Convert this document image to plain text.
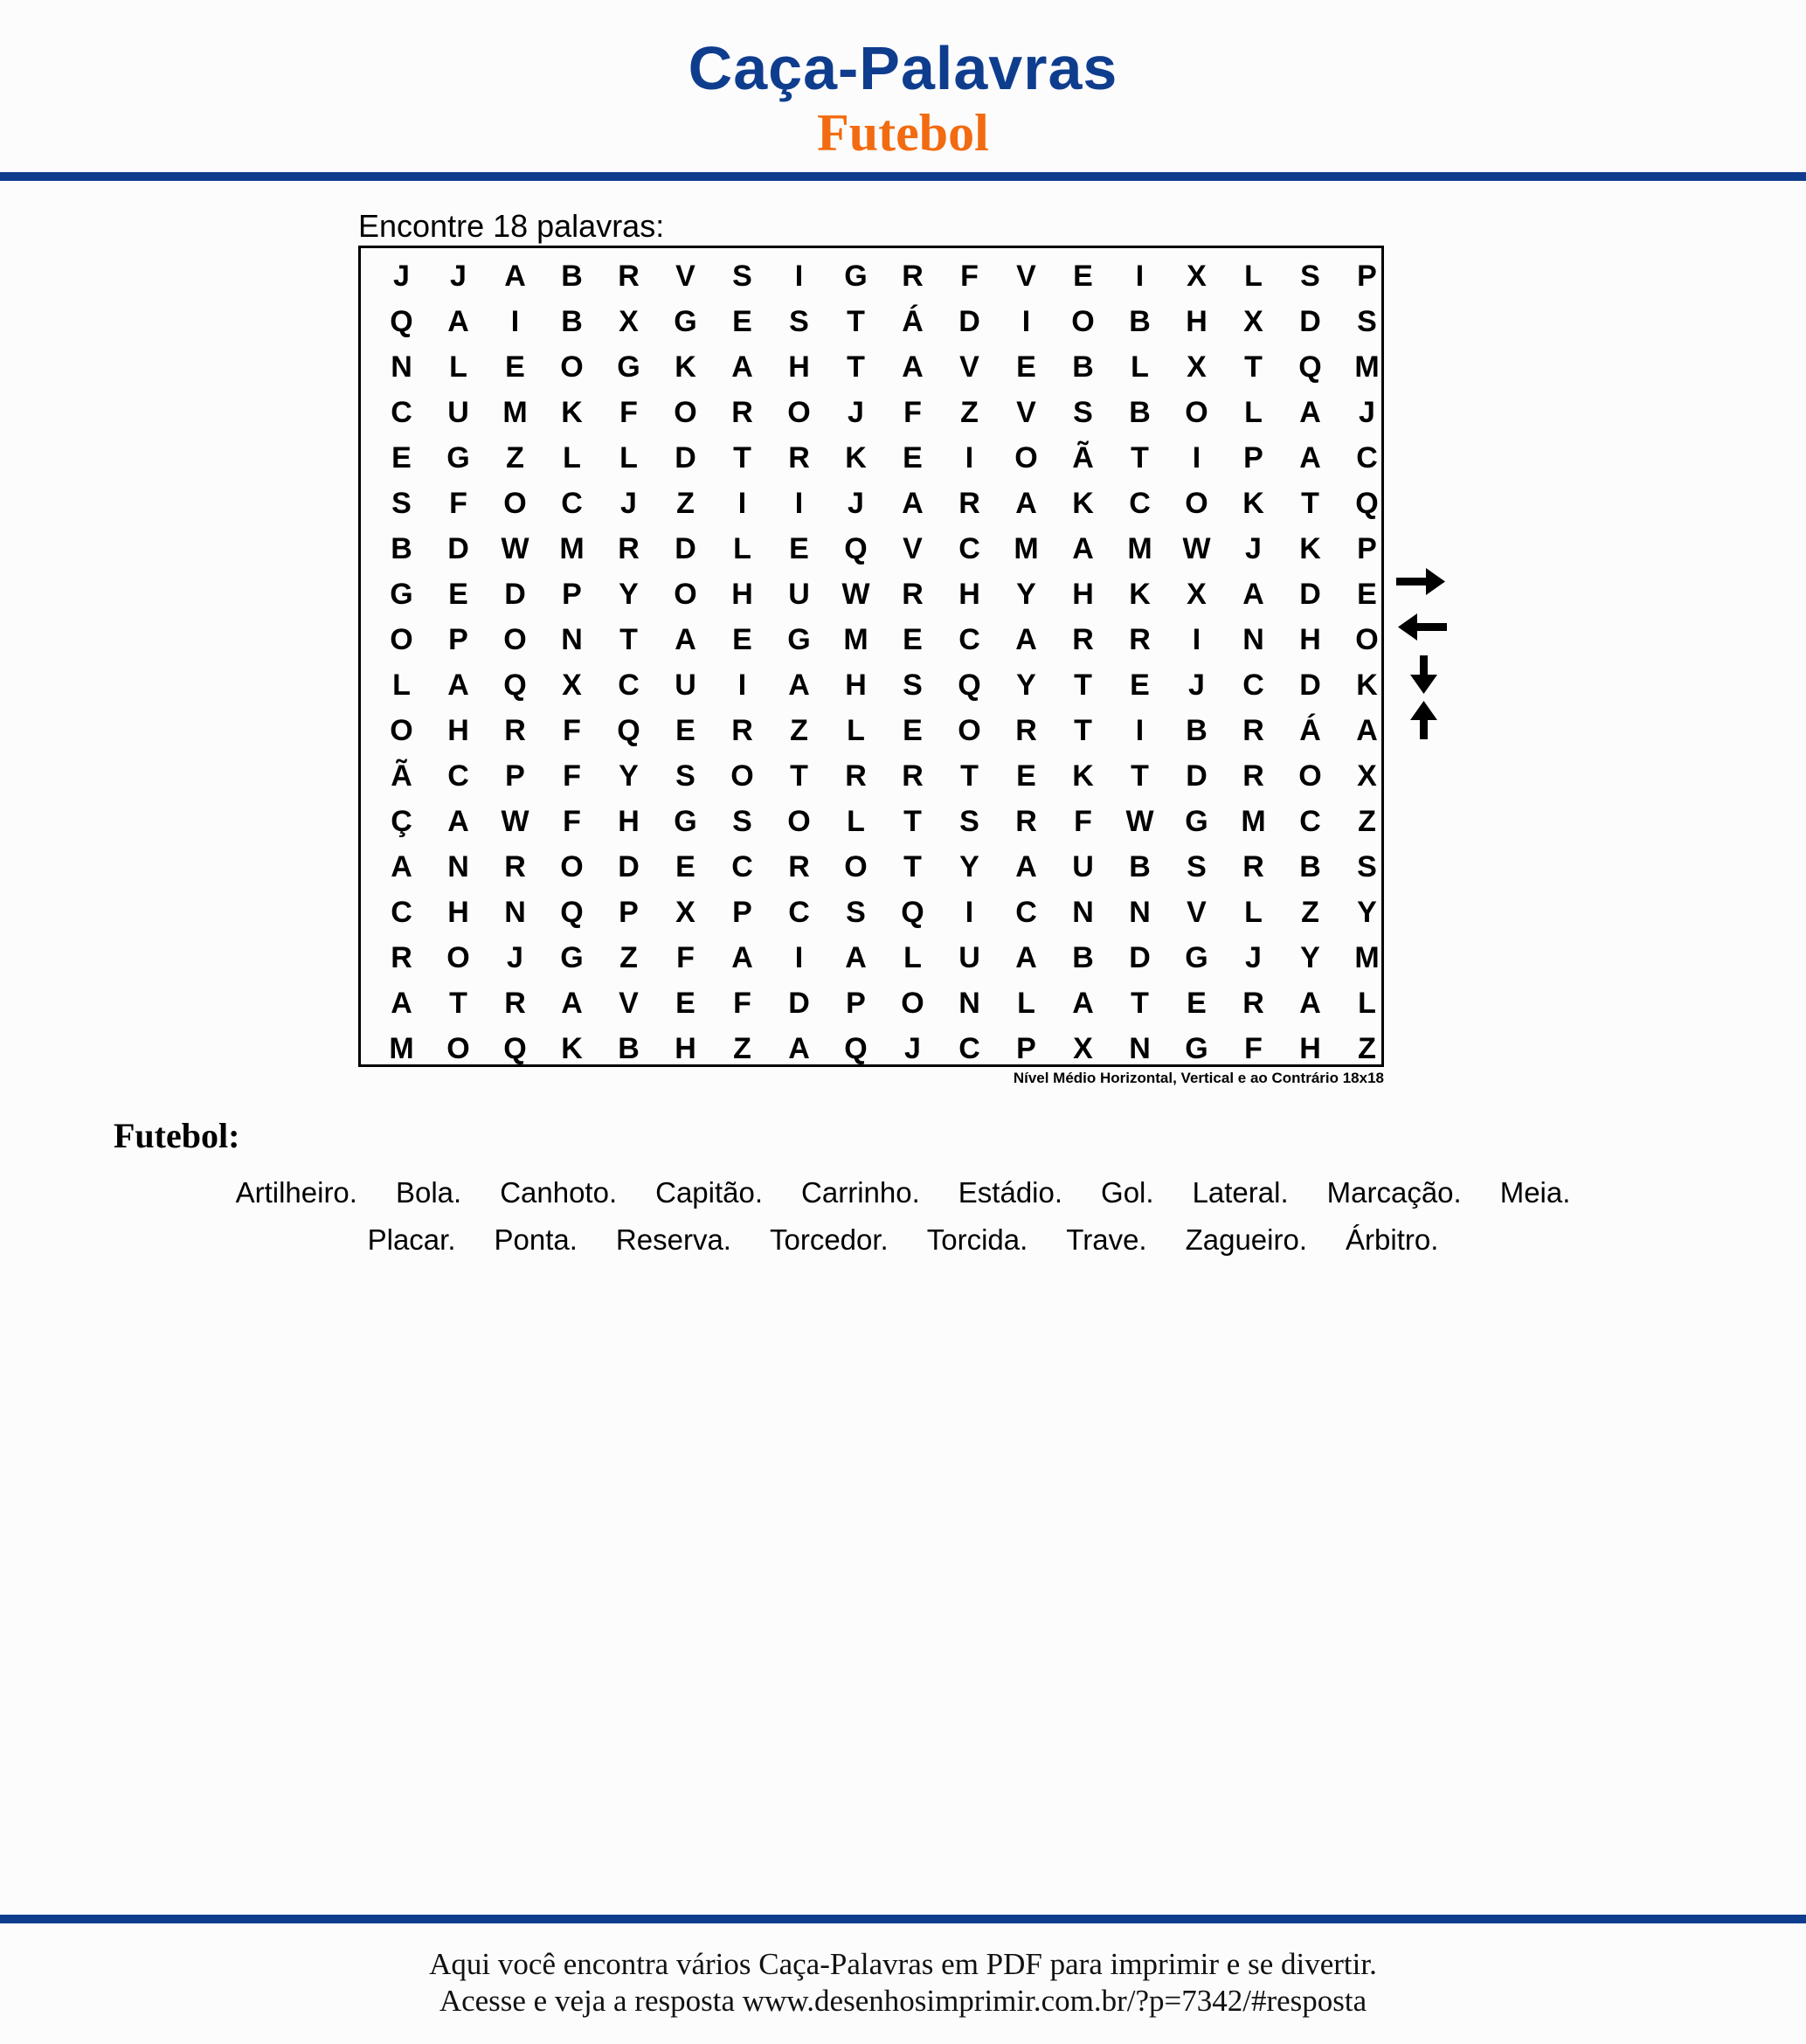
Caça-Palavras
Futebol
Encontre 18 palavras:
J	J	A	B	R	V	S	I	G	R	F	V	E	I	X	L	S	P
Q	A	I	B	X	G	E	S	T	Á	D	I	O	B	H	X	D	S
N	L	E	O	G	K	A	H	T	A	V	E	B	L	X	T	Q	M
C	U	M	K	F	O	R	O	J	F	Z	V	S	B	O	L	A	J
E	G	Z	L	L	D	T	R	K	E	I	O	Ã	T	I	P	A	C
S	F	O	C	J	Z	I	I	J	A	R	A	K	C	O	K	T	Q
B	D	W	M	R	D	L	E	Q	V	C	M	A	M	W	J	K	P
G	E	D	P	Y	O	H	U	W	R	H	Y	H	K	X	A	D	E
O	P	O	N	T	A	E	G	M	E	C	A	R	R	I	N	H	O
L	A	Q	X	C	U	I	A	H	S	Q	Y	T	E	J	C	D	K
O	H	R	F	Q	E	R	Z	L	E	O	R	T	I	B	R	Á	A
Ã	C	P	F	Y	S	O	T	R	R	T	E	K	T	D	R	O	X
Ç	A	W	F	H	G	S	O	L	T	S	R	F	W	G	M	C	Z
A	N	R	O	D	E	C	R	O	T	Y	A	U	B	S	R	B	S
C	H	N	Q	P	X	P	C	S	Q	I	C	N	N	V	L	Z	Y
R	O	J	G	Z	F	A	I	A	L	U	A	B	D	G	J	Y	M
A	T	R	A	V	E	F	D	P	O	N	L	A	T	E	R	A	L
M	O	Q	K	B	H	Z	A	Q	J	C	P	X	N	G	F	H	Z
Nível Médio Horizontal, Vertical e ao Contrário 18x18
Futebol:
Artilheiro. Bola. Canhoto. Capitão. Carrinho. Estádio. Gol. Lateral. Marcação. Meia.
Placar. Ponta. Reserva. Torcedor. Torcida. Trave. Zagueiro. Árbitro.
Aqui você encontra vários Caça-Palavras em PDF para imprimir e se divertir.
Acesse e veja a resposta www.desenhosimprimir.com.br/?p=7342/#resposta
